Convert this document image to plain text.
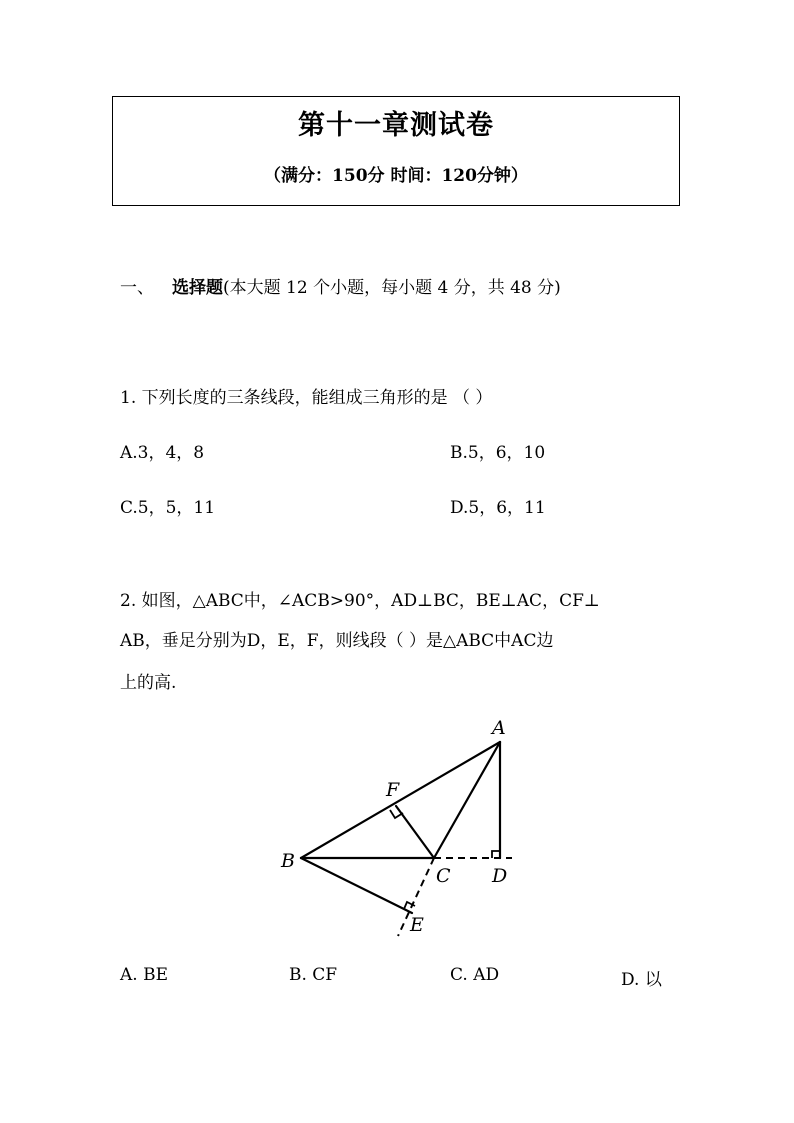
第十一章测试卷
（满分：150分 时间：120分钟）
一、 选择题(本大题 12 个小题，每小题 4 分，共 48 分)
1. 下列长度的三条线段，能组成三角形的是 （ ）
A.3，4，8	B.5，6，10
C.5，5，11	D.5，6，11
2. 如图，△ABC中，∠ACB>90°，AD⊥BC，BE⊥AC，CF⊥
AB，垂足分别为D，E，F，则线段（ ）是△ABC中AC边
上的高.
A
F
B
C D
E
A. BE	B. CF	C. AD	D. 以
